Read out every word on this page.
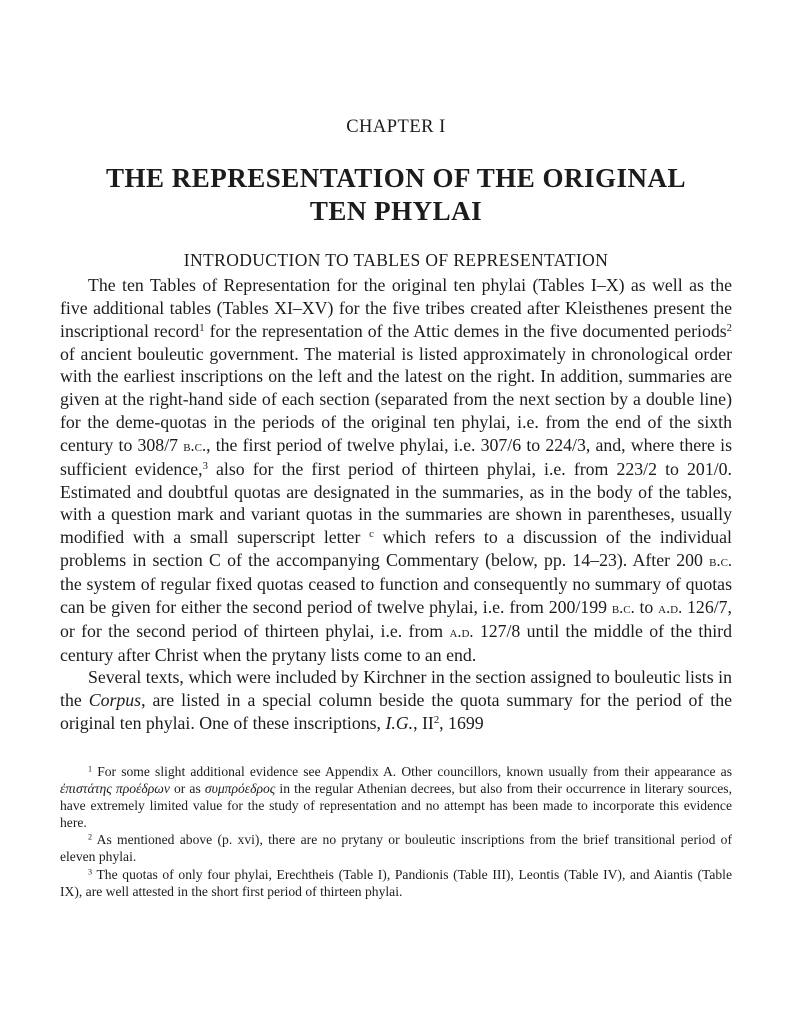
CHAPTER I
THE REPRESENTATION OF THE ORIGINAL
TEN PHYLAI
INTRODUCTION TO TABLES OF REPRESENTATION

The ten Tables of Representation for the original ten phylai (Tables I–X) as well as the five additional tables (Tables XI–XV) for the five tribes created after Kleisthenes present the inscriptional record$^1$ for the representation of the Attic demes in the five documented periods$^2$ of ancient bouleutic government. The material is listed approximately in chronological order with the earliest inscriptions on the left and the latest on the right. In addition, summaries are given at the right-hand side of each section (separated from the next section by a double line) for the deme-quotas in the periods of the original ten phylai, i.e. from the end of the sixth century to 308/7 b.c., the first period of twelve phylai, i.e. 307/6 to 224/3, and, where there is sufficient evidence,$^3$ also for the first period of thirteen phylai, i.e. from 223/2 to 201/0. Estimated and doubtful quotas are designated in the summaries, as in the body of the tables, with a question mark and variant quotas in the summaries are shown in parentheses, usually modified with a small superscript letter $^c$ which refers to a discussion of the individual problems in section C of the accompanying Commentary (below, pp. 14–23). After 200 b.c. the system of regular fixed quotas ceased to function and consequently no summary of quotas can be given for either the second period of twelve phylai, i.e. from 200/199 b.c. to a.d. 126/7, or for the second period of thirteen phylai, i.e. from a.d. 127/8 until the middle of the third century after Christ when the prytany lists come to an end.

Several texts, which were included by Kirchner in the section assigned to bouleutic lists in the Corpus, are listed in a special column beside the quota summary for the period of the original ten phylai. One of these inscriptions, I.G., $II^2$, 1699

$^1$ For some slight additional evidence see Appendix A. Other councillors, known usually from their appearance as ἐπιστάτης προέδρων or as συμπρόεδρος in the regular Athenian decrees, but also from their occurrence in literary sources, have extremely limited value for the study of representation and no attempt has been made to incorporate this evidence here.

$^2$ As mentioned above (p. xvi), there are no prytany or bouleutic inscriptions from the brief transitional period of eleven phylai.

$^3$ The quotas of only four phylai, Erechtheis (Table I), Pandionis (Table III), Leontis (Table IV), and Aiantis (Table IX), are well attested in the short first period of thirteen phylai.
